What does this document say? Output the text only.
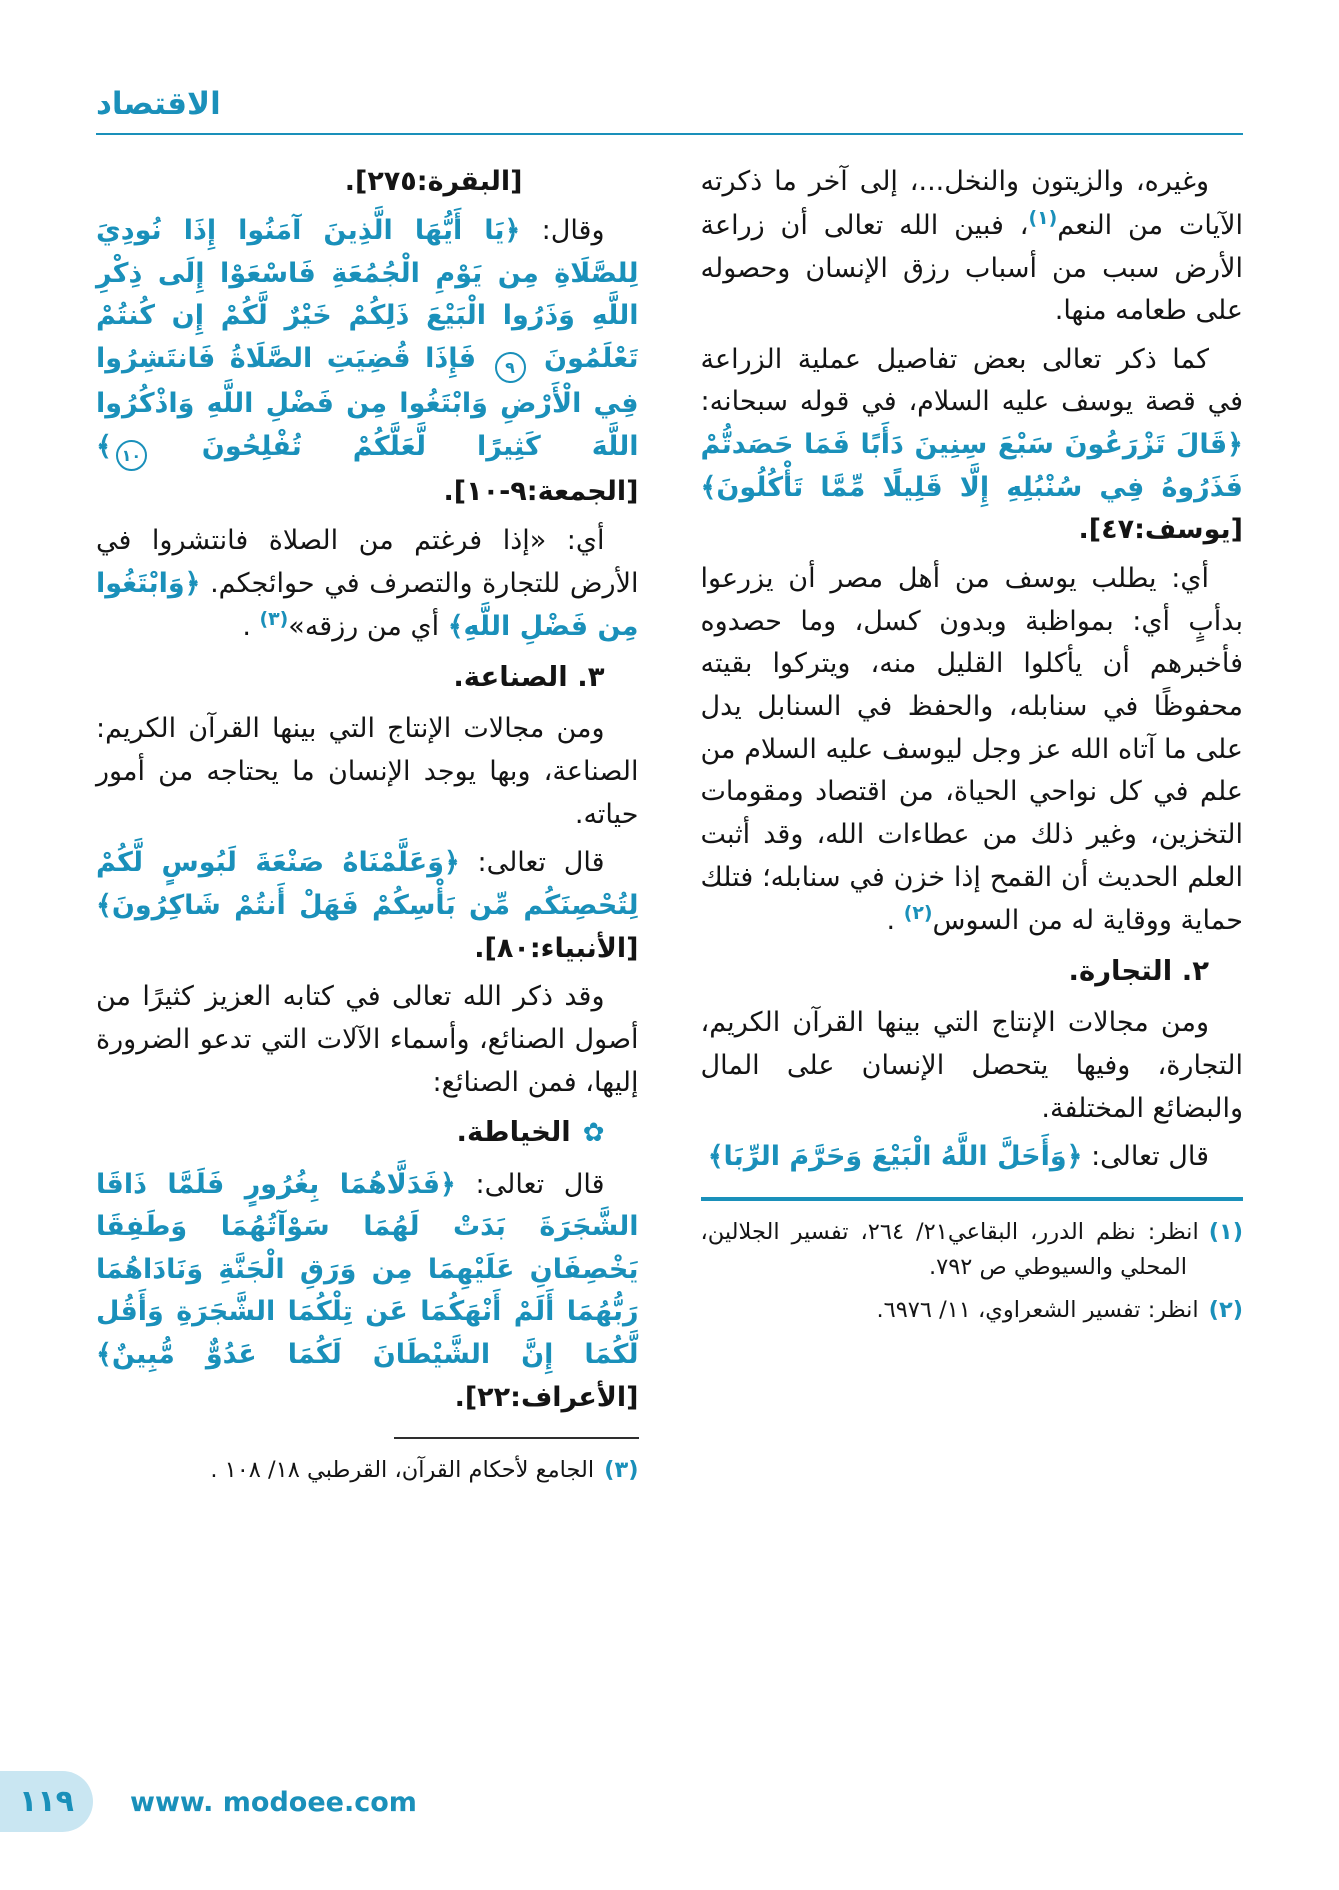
الاقتصاد

وغيره، والزيتون والنخل...، إلى آخر ما ذكرته الآيات من النعم$^{(١)}$، فبين الله تعالى أن زراعة الأرض سبب من أسباب رزق الإنسان وحصوله على طعامه منها.

كما ذكر تعالى بعض تفاصيل عملية الزراعة في قصة يوسف عليه السلام، في قوله سبحانه: ﴿قَالَ تَزْرَعُونَ سَبْعَ سِنِينَ دَأَبًا فَمَا حَصَدتُّمْ فَذَرُوهُ فِي سُنْبُلِهِ إِلَّا قَلِيلًا مِّمَّا تَأْكُلُونَ﴾ [يوسف:٤٧].

أي: يطلب يوسف من أهل مصر أن يزرعوا بدأبٍ أي: بمواظبة وبدون كسل، وما حصدوه فأخبرهم أن يأكلوا القليل منه، ويتركوا بقيته محفوظًا في سنابله، والحفظ في السنابل يدل على ما آتاه الله عز وجل ليوسف عليه السلام من علم في كل نواحي الحياة، من اقتصاد ومقومات التخزين، وغير ذلك من عطاءات الله، وقد أثبت العلم الحديث أن القمح إذا خزن في سنابله؛ فتلك حماية ووقاية له من السوس$^{(٢)}$ .

٢. التجارة.

ومن مجالات الإنتاج التي بينها القرآن الكريم، التجارة، وفيها يتحصل الإنسان على المال والبضائع المختلفة.

قال تعالى: ﴿وَأَحَلَّ اللَّهُ الْبَيْعَ وَحَرَّمَ الرِّبَا﴾

(١)انظر: نظم الدرر، البقاعي٢١/ ٢٦٤، تفسير الجلالين، المحلي والسيوطي ص ٧٩٢.

(٢)انظر: تفسير الشعراوي، ١١/ ٦٩٧٦.

[البقرة:٢٧٥].

وقال: ﴿يَا أَيُّهَا الَّذِينَ آمَنُوا إِذَا نُودِيَ لِلصَّلَاةِ مِن يَوْمِ الْجُمُعَةِ فَاسْعَوْا إِلَى ذِكْرِ اللَّهِ وَذَرُوا الْبَيْعَ ذَلِكُمْ خَيْرٌ لَّكُمْ إِن كُنتُمْ تَعْلَمُونَ ٩ فَإِذَا قُضِيَتِ الصَّلَاةُ فَانتَشِرُوا فِي الْأَرْضِ وَابْتَغُوا مِن فَضْلِ اللَّهِ وَاذْكُرُوا اللَّهَ كَثِيرًا لَّعَلَّكُمْ تُفْلِحُونَ ١٠﴾ [الجمعة:٩-١٠].

أي: «إذا فرغتم من الصلاة فانتشروا في الأرض للتجارة والتصرف في حوائجكم. ﴿وَابْتَغُوا مِن فَضْلِ اللَّهِ﴾ أي من رزقه»$^{(٣)}$ .

٣. الصناعة.

ومن مجالات الإنتاج التي بينها القرآن الكريم: الصناعة، وبها يوجد الإنسان ما يحتاجه من أمور حياته.

قال تعالى: ﴿وَعَلَّمْنَاهُ صَنْعَةَ لَبُوسٍ لَّكُمْ لِتُحْصِنَكُم مِّن بَأْسِكُمْ فَهَلْ أَنتُمْ شَاكِرُونَ﴾ [الأنبياء:٨٠].

وقد ذكر الله تعالى في كتابه العزيز كثيرًا من أصول الصنائع، وأسماء الآلات التي تدعو الضرورة إليها، فمن الصنائع:

✿الخياطة.

قال تعالى: ﴿فَدَلَّاهُمَا بِغُرُورٍ فَلَمَّا ذَاقَا الشَّجَرَةَ بَدَتْ لَهُمَا سَوْآتُهُمَا وَطَفِقَا يَخْصِفَانِ عَلَيْهِمَا مِن وَرَقِ الْجَنَّةِ وَنَادَاهُمَا رَبُّهُمَا أَلَمْ أَنْهَكُمَا عَن تِلْكُمَا الشَّجَرَةِ وَأَقُل لَّكُمَا إِنَّ الشَّيْطَانَ لَكُمَا عَدُوٌّ مُّبِينٌ﴾ [الأعراف:٢٢].

(٣)الجامع لأحكام القرآن، القرطبي ١٨/ ١٠٨ .

١١٩ www. modoee.com
